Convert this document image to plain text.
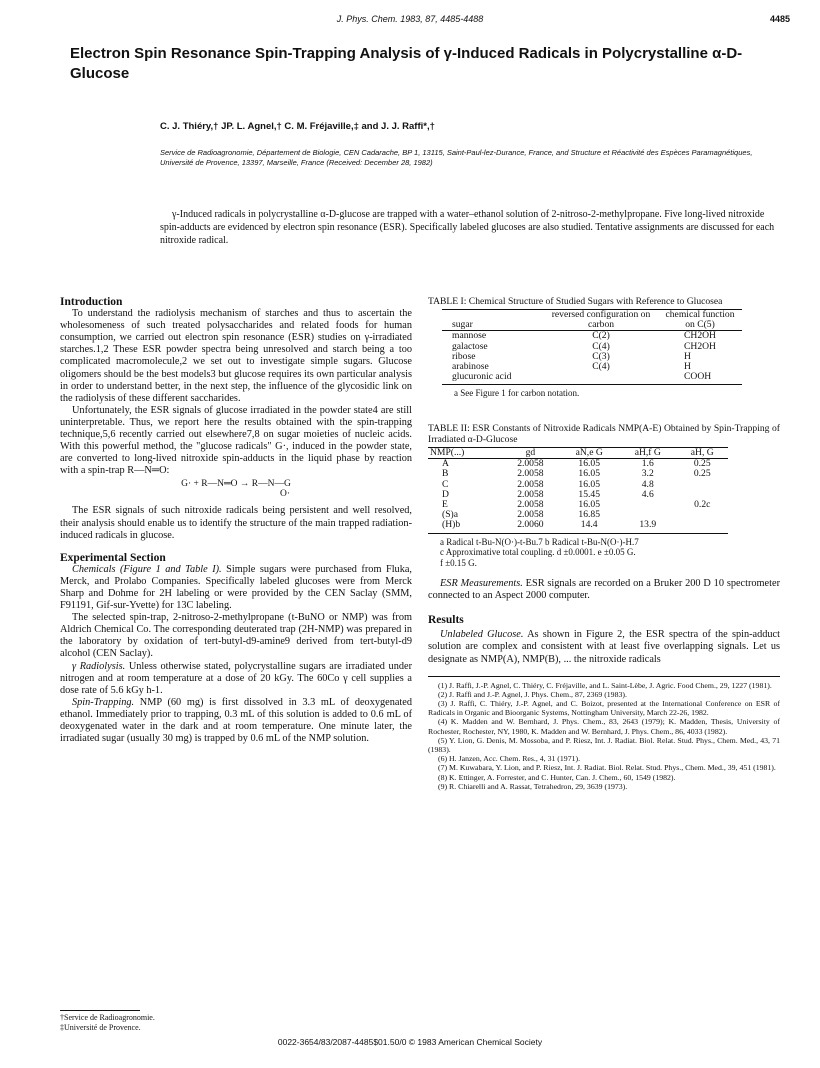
J. Phys. Chem. 1983, 87, 4485-4488	4485
Electron Spin Resonance Spin-Trapping Analysis of γ-Induced Radicals in Polycrystalline α-D-Glucose
C. J. Thiéry,† JP. L. Agnel,† C. M. Fréjaville,‡ and J. J. Raffi*,†
Service de Radioagronomie, Département de Biologie, CEN Cadarache, BP 1, 13115, Saint-Paul-lez-Durance, France, and Structure et Réactivité des Espèces Paramagnétiques, Université de Provence, 13397, Marseille, France (Received: December 28, 1982)
γ-Induced radicals in polycrystalline α-D-glucose are trapped with a water–ethanol solution of 2-nitroso-2-methylpropane. Five long-lived nitroxide spin-adducts are evidenced by electron spin resonance (ESR). Specifically labeled glucoses are also studied. Tentative assignments are discussed for each nitroxide radical.
Introduction

To understand the radiolysis mechanism of starches and thus to ascertain the wholesomeness of such treated polysaccharides and related foods for human consumption, we carried out electron spin resonance (ESR) studies on γ-irradiated starches.1,2 These ESR powder spectra being unresolved and starch being a too complicated macromolecule,2 we set out to investigate simple sugars. Glucose oligomers should be the best models3 but glucose requires its own particular analysis in order to understand better, in the next step, the influence of the glycosidic link on the radiolysis of these different saccharides.

Unfortunately, the ESR signals of glucose irradiated in the powder state4 are still uninterpretable. Thus, we report here the results obtained with the spin-trapping technique,5,6 recently carried out elsewhere7,8 on sugar moieties of nucleic acids. With this powerful method, the "glucose radicals" G·, induced in the powder state, are converted to long-lived nitroxide spin-adducts in the liquid phase by reaction with a spin-trap R—N═O:

G· + R—N═O → R—N—G
O·

The ESR signals of such nitroxide radicals being persistent and well resolved, their analysis should enable us to identify the structure of the main trapped radiation-induced radicals in glucose.

Experimental Section

Chemicals (Figure 1 and Table I). Simple sugars were purchased from Fluka, Merck, and Prolabo Companies. Specifically labeled glucoses were from Merck Sharp and Dohme for 2H labeling or were provided by the CEN Saclay (SMM, F91191, Gif-sur-Yvette) for 13C labeling.

The selected spin-trap, 2-nitroso-2-methylpropane (t-BuNO or NMP) was from Aldrich Chemical Co. The corresponding deuterated trap (2H-NMP) was prepared in the laboratory by oxidation of tert-butyl-d9-amine9 derived from tert-butyl-d9 alcohol (CEN Saclay).

γ Radiolysis. Unless otherwise stated, polycrystalline sugars are irradiated under nitrogen and at room temperature at a dose of 20 kGy. The 60Co γ cell supplies a dose rate of 5.6 kGy h-1.

Spin-Trapping. NMP (60 mg) is first dissolved in 3.3 mL of deoxygenated ethanol. Immediately prior to trapping, 0.3 mL of this solution is added to 0.6 mL of deoxygenated water in the dark and at room temperature. One minute later, the irradiated sugar (usually 30 mg) is trapped by 0.6 mL of the NMP solution.

†Service de Radioagronomie.
‡Université de Provence.

TABLE I: Chemical Structure of Studied Sugars with Reference to Glucosea

sugar	reversed configuration on carbon	chemical function on C(5)
mannose	C(2)	CH2OH
galactose	C(4)	CH2OH
ribose	C(3)	H
arabinose	C(4)	H
glucuronic acid		COOH

a See Figure 1 for carbon notation.

TABLE II: ESR Constants of Nitroxide Radicals NMP(A-E) Obtained by Spin-Trapping of Irradiated α-D-Glucose

NMP(...)	gd	aN,e G	aH,f G	aH, G
A	2.0058	16.05	1.6	0.25
B	2.0058	16.05	3.2	0.25
C	2.0058	16.05	4.8	
D	2.0058	15.45	4.6	
E	2.0058	16.05		0.2c
(S)a	2.0058	16.85		
(H)b	2.0060	14.4	13.9	

a Radical t-Bu-N(O·)-t-Bu.7 b Radical t-Bu-N(O·)-H.7

c Approximative total coupling. d ±0.0001. e ±0.05 G.

f ±0.15 G.

ESR Measurements. ESR signals are recorded on a Bruker 200 D 10 spectrometer connected to an Aspect 2000 computer.

Results

Unlabeled Glucose. As shown in Figure 2, the ESR spectra of the spin-adduct solution are complex and consistent with at least five overlapping signals. Let us designate as NMP(A), NMP(B), ... the nitroxide radicals

(1) J. Raffi, J.-P. Agnel, C. Thiéry, C. Fréjaville, and L. Saint-Lèbe, J. Agric. Food Chem., 29, 1227 (1981).
(2) J. Raffi and J.-P. Agnel, J. Phys. Chem., 87, 2369 (1983).
(3) J. Raffi, C. Thiéry, J.-P. Agnel, and C. Boizot, presented at the International Conference on ESR of Radicals in Organic and Bioorganic Systems, Nottingham University, March 22-26, 1982.
(4) K. Madden and W. Bernhard, J. Phys. Chem., 83, 2643 (1979); K. Madden, Thesis, University of Rochester, Rochester, NY, 1980, K. Madden and W. Bernhard, J. Phys. Chem., 86, 4033 (1982).
(5) Y. Lion, G. Denis, M. Mossoba, and P. Riesz, Int. J. Radiat. Biol. Relat. Stud. Phys., Chem. Med., 43, 71 (1983).
(6) H. Janzen, Acc. Chem. Res., 4, 31 (1971).
(7) M. Kuwabara, Y. Lion, and P. Riesz, Int. J. Radiat. Biol. Relat. Stud. Phys., Chem. Med., 39, 451 (1981).
(8) K. Ettinger, A. Forrester, and C. Hunter, Can. J. Chem., 60, 1549 (1982).
(9) R. Chiarelli and A. Rassat, Tetrahedron, 29, 3639 (1973).
0022-3654/83/2087-4485$01.50/0 © 1983 American Chemical Society
